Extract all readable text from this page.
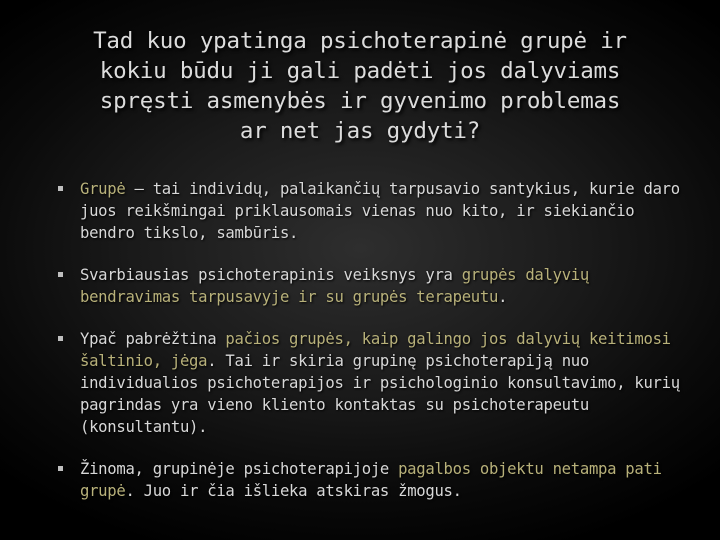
Tad kuo ypatinga psichoterapinė grupė ir
kokiu būdu ji gali padėti jos dalyviams
spręsti asmenybės ir gyvenimo problemas
ar net jas gydyti?
Grupė – tai individų, palaikančių tarpusavio santykius, kurie daro juos reikšmingai priklausomais vienas nuo kito, ir siekiančio bendro tikslo, sambūris.
Svarbiausias psichoterapinis veiksnys yra grupės dalyvių bendravimas tarpusavyje ir su grupės terapeutu.
Ypač pabrėžtina pačios grupės, kaip galingo jos dalyvių keitimosi šaltinio, jėga. Tai ir skiria grupinę psichoterapiją nuo individualios psichoterapijos ir psichologinio konsultavimo, kurių pagrindas yra vieno kliento kontaktas su psichoterapeutu (konsultantu).
Žinoma, grupinėje psichoterapijoje pagalbos objektu netampa pati grupė. Juo ir čia išlieka atskiras žmogus.
